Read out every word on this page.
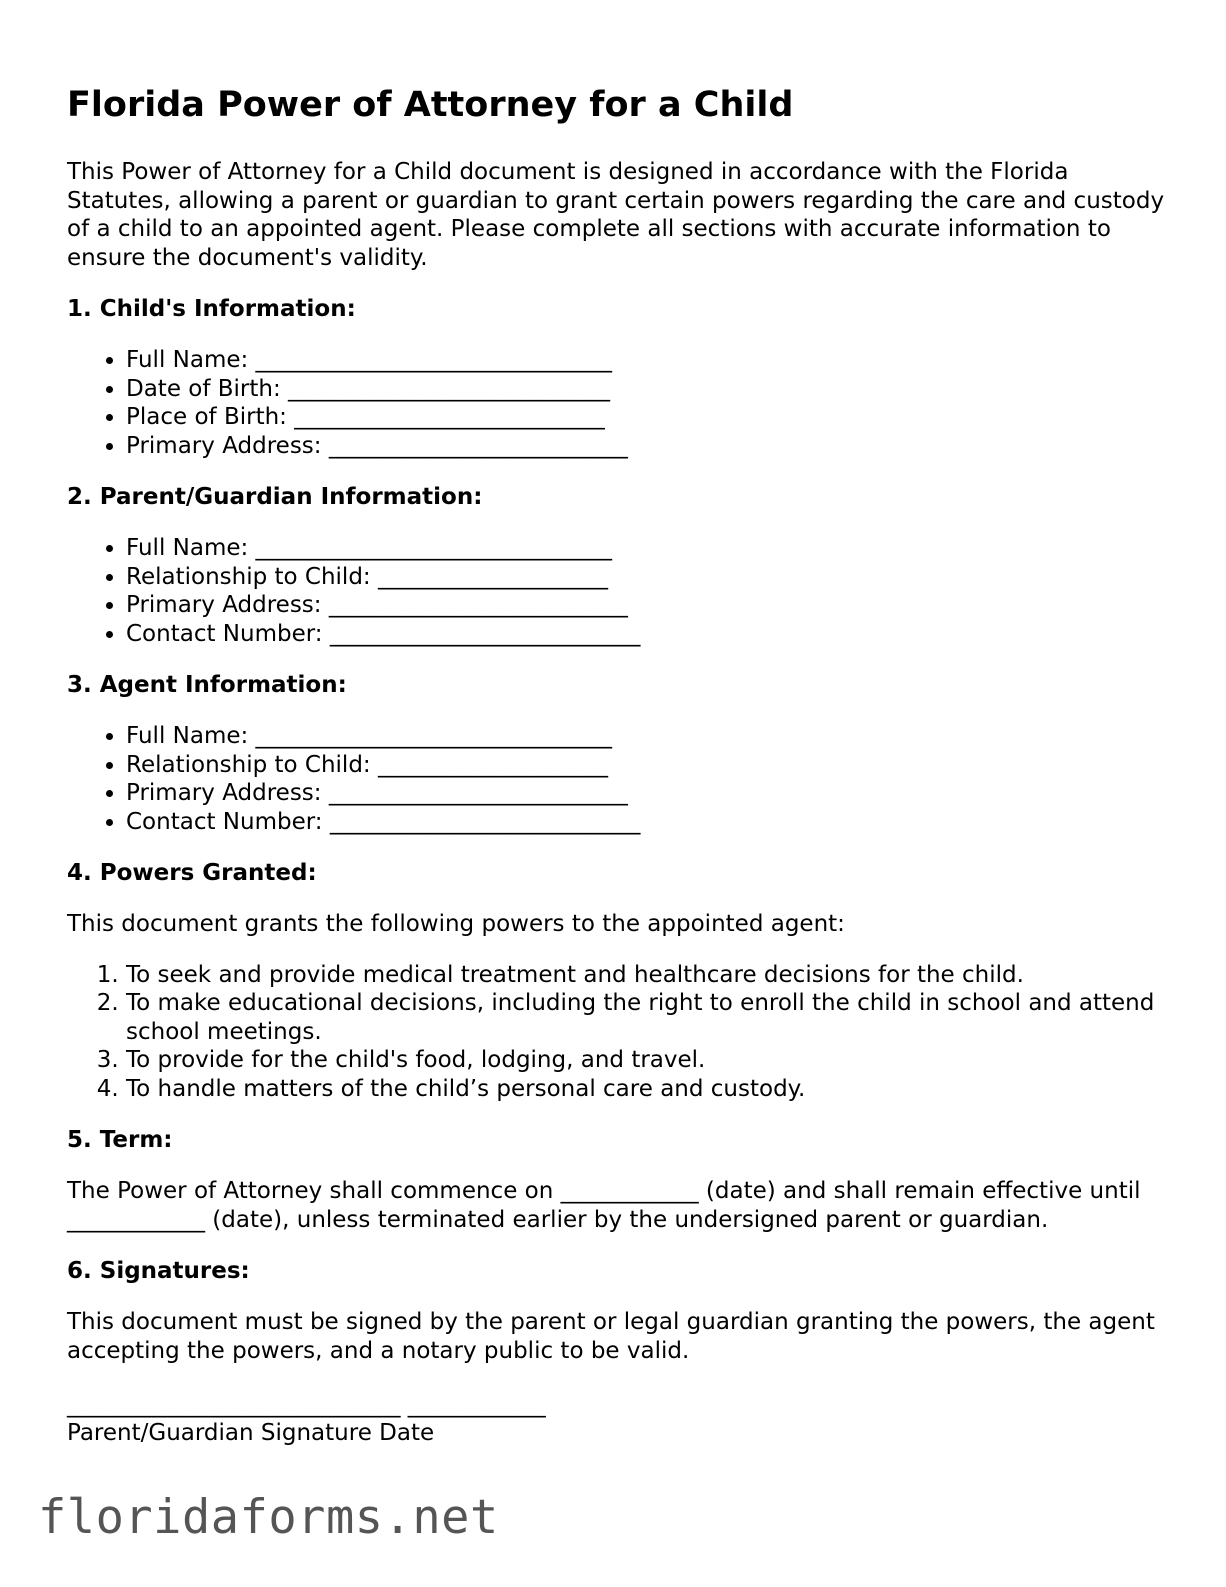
Florida Power of Attorney for a Child

This Power of Attorney for a Child document is designed in accordance with the Florida Statutes, allowing a parent or guardian to grant certain powers regarding the care and custody of a child to an appointed agent. Please complete all sections with accurate information to ensure the document's validity.

1. Child's Information:
• Full Name: _______________________________
• Date of Birth: ____________________________
• Place of Birth: ___________________________
• Primary Address: __________________________
2. Parent/Guardian Information:
• Full Name: _______________________________
• Relationship to Child: ____________________
• Primary Address: __________________________
• Contact Number: ___________________________
3. Agent Information:
• Full Name: _______________________________
• Relationship to Child: ____________________
• Primary Address: __________________________
• Contact Number: ___________________________
4. Powers Granted:

This document grants the following powers to the appointed agent:

1. To seek and provide medical treatment and healthcare decisions for the child.
2. To make educational decisions, including the right to enroll the child in school and attend school meetings.
3. To provide for the child's food, lodging, and travel.
4. To handle matters of the child’s personal care and custody.
5. Term:

The Power of Attorney shall commence on ____________ (date) and shall remain effective until ____________ (date), unless terminated earlier by the undersigned parent or guardian.

6. Signatures:

This document must be signed by the parent or legal guardian granting the powers, the agent accepting the powers, and a notary public to be valid.

_____________________________ ____________
Parent/Guardian Signature Date
floridaforms.net
